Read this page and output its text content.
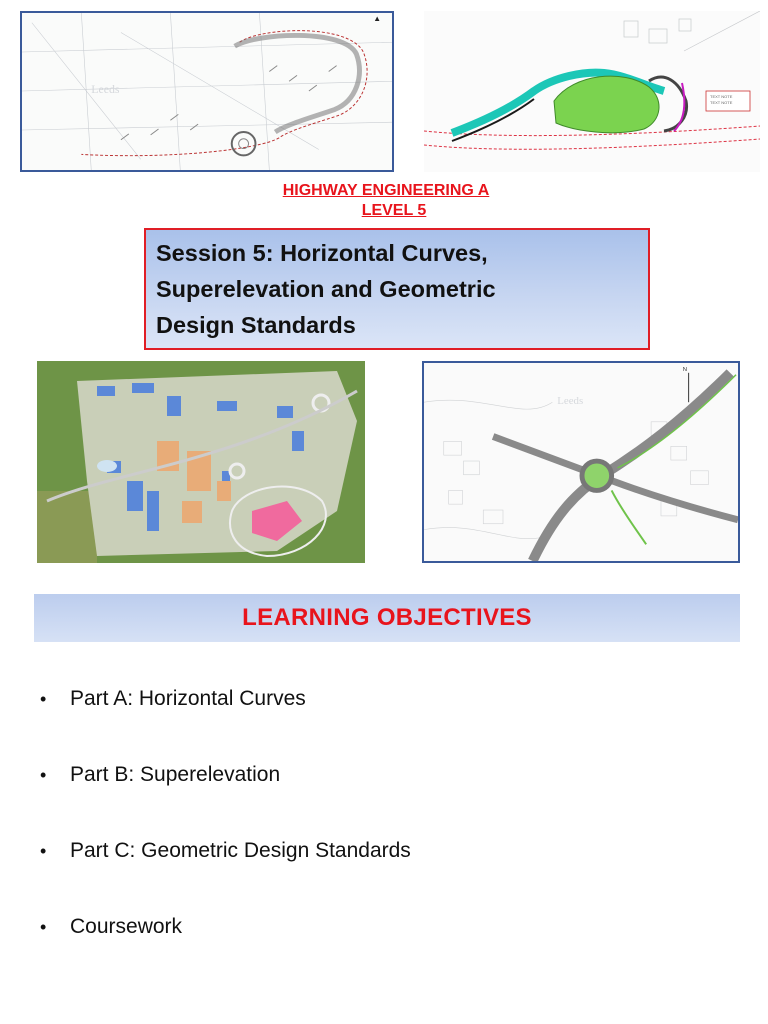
Leeds
▲
TEXT NOTE
TEXT NOTE
HIGHWAY ENGINEERING A
LEVEL 5
Session 5: Horizontal Curves,
Superelevation and Geometric
Design Standards
Leeds
N
LEARNING OBJECTIVES
•	Part A: Horizontal Curves
•	Part B: Superelevation
•	Part C: Geometric Design Standards
•	Coursework
